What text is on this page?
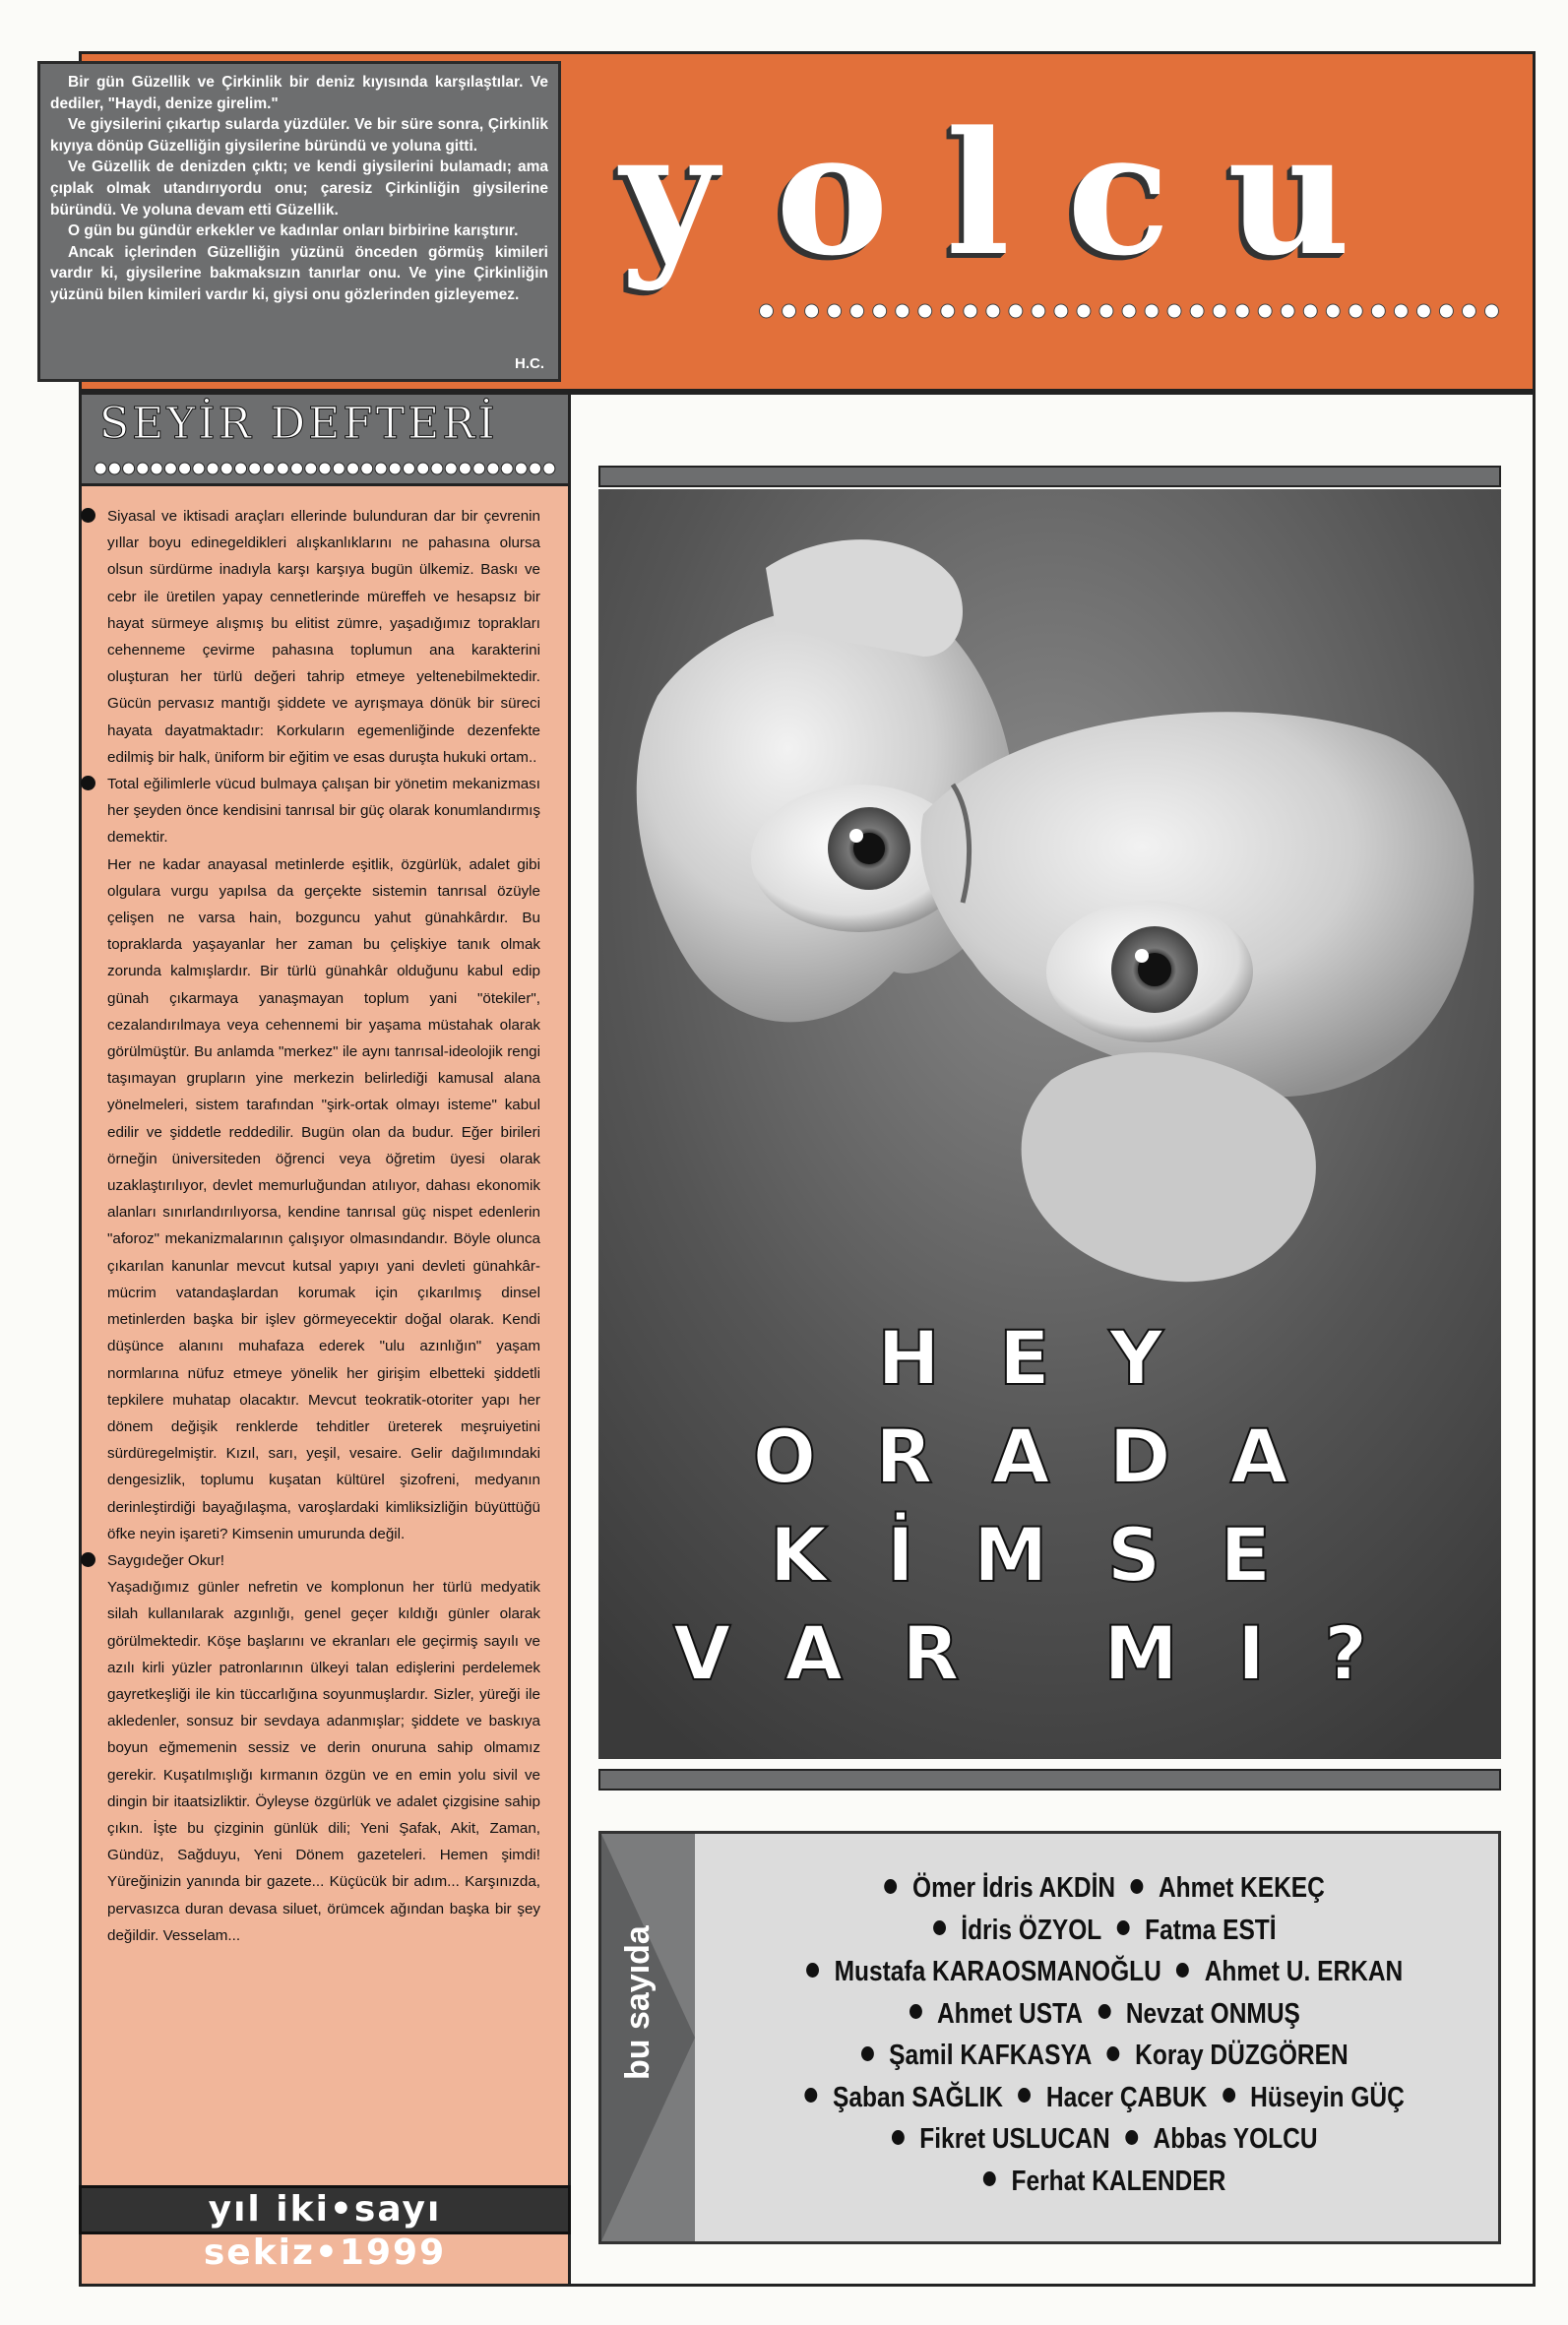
Bir gün Güzellik ve Çirkinlik bir deniz kıyısında karşılaştılar. Ve dediler, "Haydi, denize girelim."

Ve giysilerini çıkartıp sularda yüzdüler. Ve bir süre sonra, Çirkinlik kıyıya dönüp Güzelliğin giysilerine büründü ve yoluna gitti.

Ve Güzellik de denizden çıktı; ve kendi giysilerini bulamadı; ama çıplak olmak utandırıyordu onu; çaresiz Çirkinliğin giysilerine büründü. Ve yoluna devam etti Güzellik.

O gün bu gündür erkekler ve kadınlar onları birbirine karıştırır.

Ancak içlerinden Güzelliğin yüzünü önceden görmüş kimileri vardır ki, giysilerine bakmaksızın tanırlar onu. Ve yine Çirkinliğin yüzünü bilen kimileri vardır ki, giysi onu gözlerinden gizleyemez.

H.C.
yolcu
SEYİR DEFTERİ

Siyasal ve iktisadi araçları ellerinde bulunduran dar bir çevrenin yıllar boyu edinegeldikleri alışkanlıklarını ne pahasına olursa olsun sürdürme inadıyla karşı karşıya bugün ülkemiz. Baskı ve cebr ile üretilen yapay cennetlerinde müreffeh ve hesapsız bir hayat sürmeye alışmış bu elitist zümre, yaşadığımız toprakları cehenneme çevirme pahasına toplumun ana karakterini oluşturan her türlü değeri tahrip etmeye yeltenebilmektedir. Gücün pervasız mantığı şiddete ve ayrışmaya dönük bir süreci hayata dayatmaktadır: Korkuların egemenliğinde dezenfekte edilmiş bir halk, üniform bir eğitim ve esas duruşta hukuki ortam..

Total eğilimlerle vücud bulmaya çalışan bir yönetim mekanizması her şeyden önce kendisini tanrısal bir güç olarak konumlandırmış demektir.

Her ne kadar anayasal metinlerde eşitlik, özgürlük, adalet gibi olgulara vurgu yapılsa da gerçekte sistemin tanrısal özüyle çelişen ne varsa hain, bozguncu yahut günahkârdır. Bu topraklarda yaşayanlar her zaman bu çelişkiye tanık olmak zorunda kalmışlardır. Bir türlü günahkâr olduğunu kabul edip günah çıkarmaya yanaşmayan toplum yani "ötekiler", cezalandırılmaya veya cehennemi bir yaşama müstahak olarak görülmüştür. Bu anlamda "merkez" ile aynı tanrısal-ideolojik rengi taşımayan grupların yine merkezin belirlediği kamusal alana yönelmeleri, sistem tarafından "şirk-ortak olmayı isteme" kabul edilir ve şiddetle reddedilir. Bugün olan da budur. Eğer birileri örneğin üniversiteden öğrenci veya öğretim üyesi olarak uzaklaştırılıyor, devlet memurluğundan atılıyor, dahası ekonomik alanları sınırlandırılıyorsa, kendine tanrısal güç nispet edenlerin "aforoz" mekanizmalarının çalışıyor olmasındandır. Böyle olunca çıkarılan kanunlar mevcut kutsal yapıyı yani devleti günahkâr-mücrim vatandaşlardan korumak için çıkarılmış dinsel metinlerden başka bir işlev görmeyecektir doğal olarak. Kendi düşünce alanını muhafaza ederek "ulu azınlığın" yaşam normlarına nüfuz etmeye yönelik her girişim elbetteki şiddetli tepkilere muhatap olacaktır. Mevcut teokratik-otoriter yapı her dönem değişik renklerde tehditler üreterek meşruiyetini sürdüregelmiştir. Kızıl, sarı, yeşil, vesaire. Gelir dağılımındaki dengesizlik, toplumu kuşatan kültürel şizofreni, medyanın derinleştirdiği bayağılaşma, varoşlardaki kimliksizliğin büyüttüğü öfke neyin işareti? Kimsenin umurunda değil.

Saygıdeğer Okur!

Yaşadığımız günler nefretin ve komplonun her türlü medyatik silah kullanılarak azgınlığı, genel geçer kıldığı günler olarak görülmektedir. Köşe başlarını ve ekranları ele geçirmiş sayılı ve azılı kirli yüzler patronlarının ülkeyi talan edişlerini perdelemek gayretkeşliği ile kin tüccarlığına soyunmuşlardır. Sizler, yüreği ile akledenler, sonsuz bir sevdaya adanmışlar; şiddete ve baskıya boyun eğmemenin sessiz ve derin onuruna sahip olmamız gerekir. Kuşatılmışlığı kırmanın özgün ve en emin yolu sivil ve dingin bir itaatsizliktir. Öyleyse özgürlük ve adalet çizgisine sahip çıkın. İşte bu çizginin günlük dili; Yeni Şafak, Akit, Zaman, Gündüz, Sağduyu, Yeni Dönem gazeteleri. Hemen şimdi! Yüreğinizin yanında bir gazete... Küçücük bir adım... Karşınızda, pervasızca duran devasa siluet, örümcek ağından başka bir şey değildir. Vesselam...

yıl iki•sayı sekiz•1999
HEY
ORADA
KİMSE
VAR MI?
bu sayıda
Ömer İdris AKDİN Ahmet KEKEÇ
İdris ÖZYOL Fatma ESTİ
Mustafa KARAOSMANOĞLU Ahmet U. ERKAN
Ahmet USTA Nevzat ONMUŞ
Şamil KAFKASYA Koray DÜZGÖREN
Şaban SAĞLIK Hacer ÇABUK Hüseyin GÜÇ
Fikret USLUCAN Abbas YOLCU
Ferhat KALENDER
